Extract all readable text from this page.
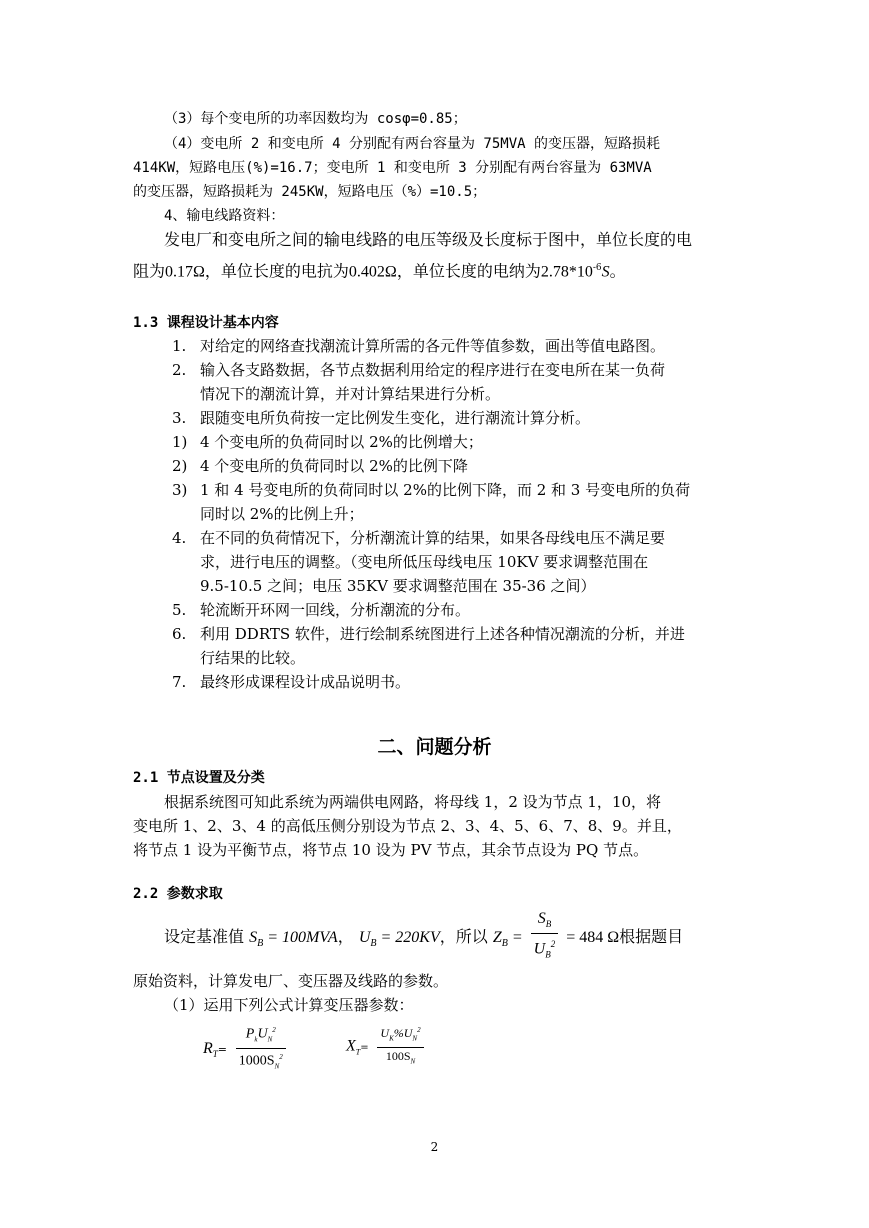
（3）每个变电所的功率因数均为 cosφ=0.85；
（4）变电所 2 和变电所 4 分别配有两台容量为 75MVA 的变压器，短路损耗
414KW，短路电压(%)=16.7；变电所 1 和变电所 3 分别配有两台容量为 63MVA
的变压器，短路损耗为 245KW，短路电压（%）=10.5；
4、输电线路资料：
发电厂和变电所之间的输电线路的电压等级及长度标于图中，单位长度的电
阻为0.17Ω，单位长度的电抗为0.402Ω，单位长度的电纳为$2.78*10^{-6}S$。
1.3 课程设计基本内容
1. 对给定的网络查找潮流计算所需的各元件等值参数，画出等值电路图。
2. 输入各支路数据，各节点数据利用给定的程序进行在变电所在某一负荷
情况下的潮流计算，并对计算结果进行分析。
3. 跟随变电所负荷按一定比例发生变化，进行潮流计算分析。
1) 4 个变电所的负荷同时以 2%的比例增大；
2) 4 个变电所的负荷同时以 2%的比例下降
3) 1 和 4 号变电所的负荷同时以 2%的比例下降，而 2 和 3 号变电所的负荷
同时以 2%的比例上升；
4. 在不同的负荷情况下，分析潮流计算的结果，如果各母线电压不满足要
求，进行电压的调整。（变电所低压母线电压 10KV 要求调整范围在
9.5-10.5 之间；电压 35KV 要求调整范围在 35-36 之间）
5. 轮流断开环网一回线，分析潮流的分布。
6. 利用 DDRTS 软件，进行绘制系统图进行上述各种情况潮流的分析，并进
行结果的比较。
7. 最终形成课程设计成品说明书。
二、问题分析
2.1 节点设置及分类
根据系统图可知此系统为两端供电网路，将母线 1，2 设为节点 1，10，将
变电所 1、2、3、4 的高低压侧分别设为节点 2、3、4、5、6、7、8、9。并且，
将节点 1 设为平衡节点，将节点 10 设为 PV 节点，其余节点设为 PQ 节点。
2.2 参数求取
设定基准值 $S_B = 100MVA$， $U_B = 220KV$，所以 $Z_B = \frac{S_B}{U_B^2} = 484$ Ω根据题目
原始资料，计算发电厂、变压器及线路的参数。
（1）运用下列公式计算变压器参数：
$R_T= \frac{P_kU_N^2}{1000S_N^2}$	$X_T= \frac{U_K\%U_N^2}{100S_N}$
2
